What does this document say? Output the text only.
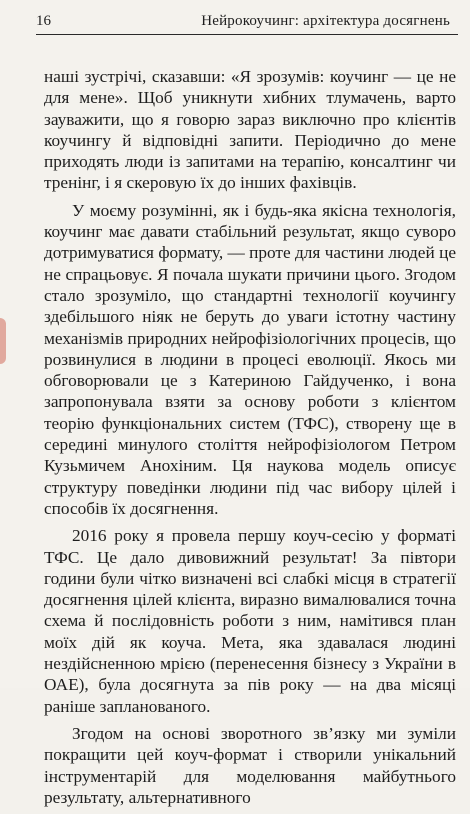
16	Нейрокоучинг: архітектура досягнень

наші зустрічі, сказавши: «Я зрозумів: коучинг — це не для мене». Щоб уникнути хибних тлумачень, варто зауважити, що я говорю зараз виключно про клієнтів коучингу й відповідні запити. Періодично до мене приходять люди із запитами на терапію, консалтинг чи тренінг, і я скеровую їх до інших фахівців.

У моєму розумінні, як і будь-яка якісна технологія, коучинг має давати стабільний результат, якщо суворо дотримуватися формату, — проте для частини людей це не спрацьовує. Я почала шукати причини цього. Згодом стало зрозуміло, що стандартні технології коучингу здебільшого ніяк не беруть до уваги істотну частину механізмів природних нейрофізіологічних процесів, що розвинулися в людини в процесі еволюції. Якось ми обговорювали це з Катериною Гайдученко, і вона запропонувала взяти за основу роботи з клієнтом теорію функціональних систем (ТФС), створену ще в середині минулого століття нейрофізіологом Петром Кузьмичем Анохіним. Ця наукова модель описує структуру поведінки людини під час вибору цілей і способів їх досягнення.

2016 року я провела першу коуч-сесію у форматі ТФС. Це дало дивовижний результат! За півтори години були чітко визначені всі слабкі місця в стратегії досягнення цілей клієнта, виразно вималювалися точна схема й послідовність роботи з ним, намітився план моїх дій як коуча. Мета, яка здавалася людині нездійсненною мрією (перенесення бізнесу з України в ОАЕ), була досягнута за пів року — на два місяці раніше запланованого.

Згодом на основі зворотного зв’язку ми зуміли покращити цей коуч-формат і створили унікальний інструментарій для моделювання майбутнього результату, альтернативного
